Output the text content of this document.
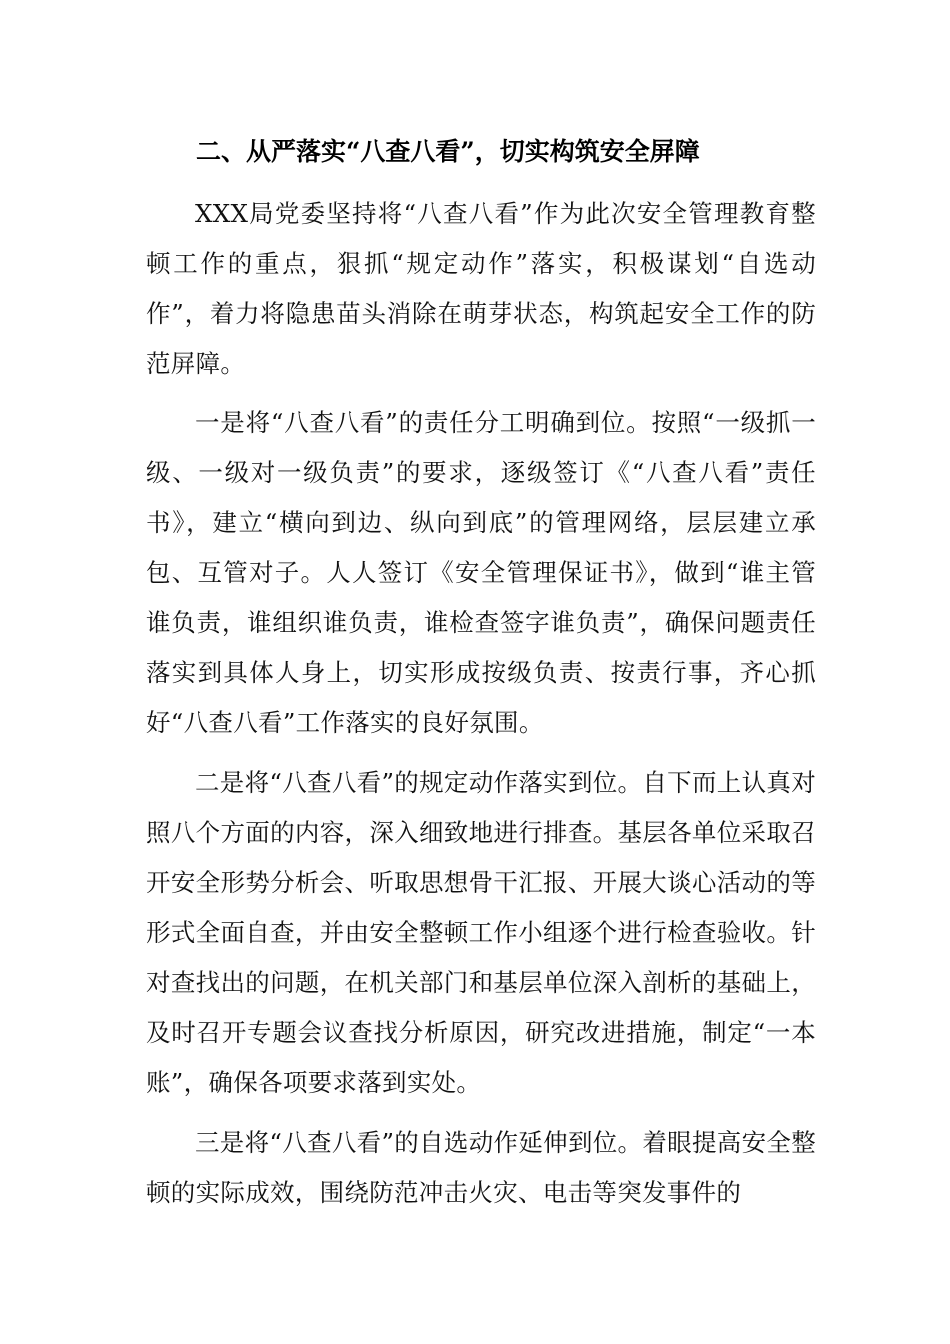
二、从严落实“八查八看”，切实构筑安全屏障

XXX局党委坚持将“八查八看”作为此次安全管理教育整顿工作的重点，狠抓“规定动作”落实，积极谋划“自选动作”，着力将隐患苗头消除在萌芽状态，构筑起安全工作的防范屏障。

一是将“八查八看”的责任分工明确到位。按照“一级抓一级、一级对一级负责”的要求，逐级签订《“八查八看”责任书》，建立“横向到边、纵向到底”的管理网络，层层建立承包、互管对子。人人签订《安全管理保证书》，做到“谁主管谁负责，谁组织谁负责，谁检查签字谁负责”，确保问题责任落实到具体人身上，切实形成按级负责、按责行事，齐心抓好“八查八看”工作落实的良好氛围。

二是将“八查八看”的规定动作落实到位。自下而上认真对照八个方面的内容，深入细致地进行排查。基层各单位采取召开安全形势分析会、听取思想骨干汇报、开展大谈心活动的等形式全面自查，并由安全整顿工作小组逐个进行检查验收。针对查找出的问题，在机关部门和基层单位深入剖析的基础上，及时召开专题会议查找分析原因，研究改进措施，制定“一本账”，确保各项要求落到实处。

三是将“八查八看”的自选动作延伸到位。着眼提高安全整顿的实际成效，围绕防范冲击火灾、电击等突发事件的
